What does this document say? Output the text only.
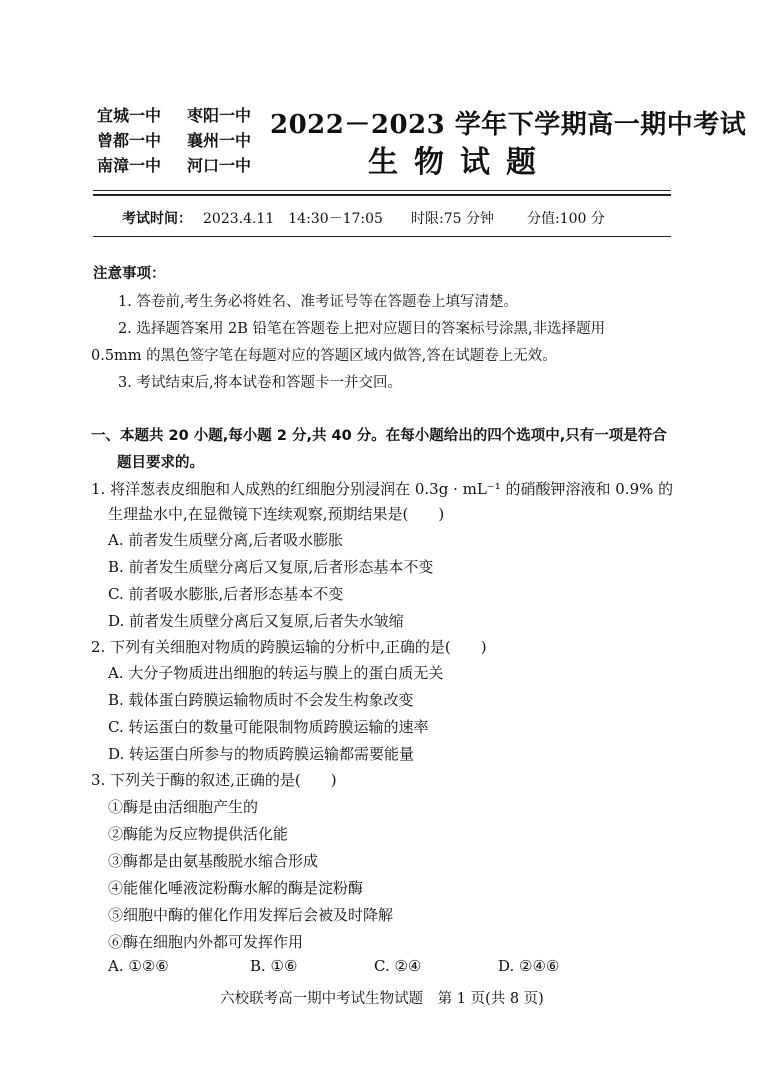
宜城一中 枣阳一中
曾都一中 襄州一中
南漳一中 河口一中
2022－2023 学年下学期高一期中考试
生物试题
考试时间： 2023.4.11　14:30－17:05 时限:75 分钟 分值:100 分
注意事项：
1. 答卷前,考生务必将姓名、准考证号等在答题卷上填写清楚。
2. 选择题答案用 2B 铅笔在答题卷上把对应题目的答案标号涂黑,非选择题用
0.5mm 的黑色签字笔在每题对应的答题区域内做答,答在试题卷上无效。
3. 考试结束后,将本试卷和答题卡一并交回。
一、本题共 20 小题,每小题 2 分,共 40 分。在每小题给出的四个选项中,只有一项是符合
题目要求的。
1. 将洋葱表皮细胞和人成熟的红细胞分别浸润在 0.3g · mL⁻¹ 的硝酸钾溶液和 0.9% 的
生理盐水中,在显微镜下连续观察,预期结果是(　　)
A. 前者发生质壁分离,后者吸水膨胀
B. 前者发生质壁分离后又复原,后者形态基本不变
C. 前者吸水膨胀,后者形态基本不变
D. 前者发生质壁分离后又复原,后者失水皱缩
2. 下列有关细胞对物质的跨膜运输的分析中,正确的是(　　)
A. 大分子物质进出细胞的转运与膜上的蛋白质无关
B. 载体蛋白跨膜运输物质时不会发生构象改变
C. 转运蛋白的数量可能限制物质跨膜运输的速率
D. 转运蛋白所参与的物质跨膜运输都需要能量
3. 下列关于酶的叙述,正确的是(　　)
①酶是由活细胞产生的
②酶能为反应物提供活化能
③酶都是由氨基酸脱水缩合形成
④能催化唾液淀粉酶水解的酶是淀粉酶
⑤细胞中酶的催化作用发挥后会被及时降解
⑥酶在细胞内外都可发挥作用
A. ①②⑥	B. ①⑥	C. ②④	D. ②④⑥
六校联考高一期中考试生物试题　第 1 页(共 8 页)
